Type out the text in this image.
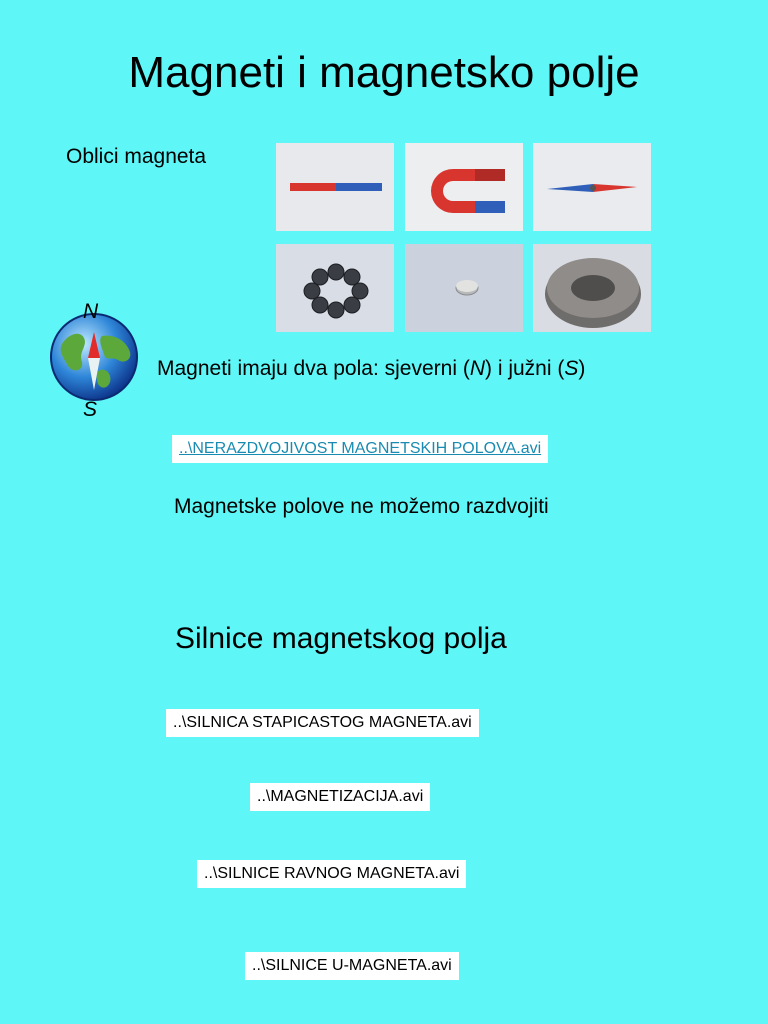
Magneti i magnetsko polje
Oblici magneta
N
S
Magneti imaju dva pola: sjeverni (N) i južni (S)
..\NERAZDVOJIVOST MAGNETSKIH POLOVA.avi
Magnetske polove ne možemo razdvojiti
Silnice magnetskog polja
..\SILNICA STAPICASTOG MAGNETA.avi
..\MAGNETIZACIJA.avi
..\SILNICE RAVNOG MAGNETA.avi
..\SILNICE U-MAGNETA.avi
